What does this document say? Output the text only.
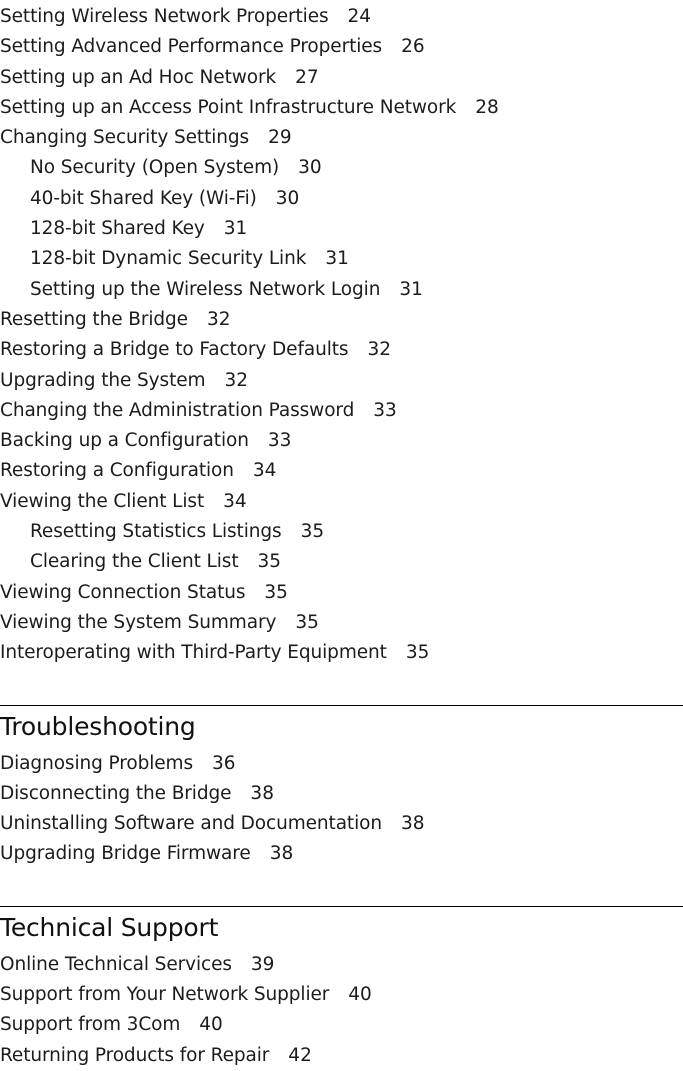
Setting Wireless Network Properties 24
Setting Advanced Performance Properties 26
Setting up an Ad Hoc Network 27
Setting up an Access Point Infrastructure Network 28
Changing Security Settings 29
No Security (Open System) 30
40-bit Shared Key (Wi-Fi) 30
128-bit Shared Key 31
128-bit Dynamic Security Link 31
Setting up the Wireless Network Login 31
Resetting the Bridge 32
Restoring a Bridge to Factory Defaults 32
Upgrading the System 32
Changing the Administration Password 33
Backing up a Configuration 33
Restoring a Configuration 34
Viewing the Client List 34
Resetting Statistics Listings 35
Clearing the Client List 35
Viewing Connection Status 35
Viewing the System Summary 35
Interoperating with Third-Party Equipment 35
Troubleshooting
Diagnosing Problems 36
Disconnecting the Bridge 38
Uninstalling Software and Documentation 38
Upgrading Bridge Firmware 38
Technical Support
Online Technical Services 39
Support from Your Network Supplier 40
Support from 3Com 40
Returning Products for Repair 42
